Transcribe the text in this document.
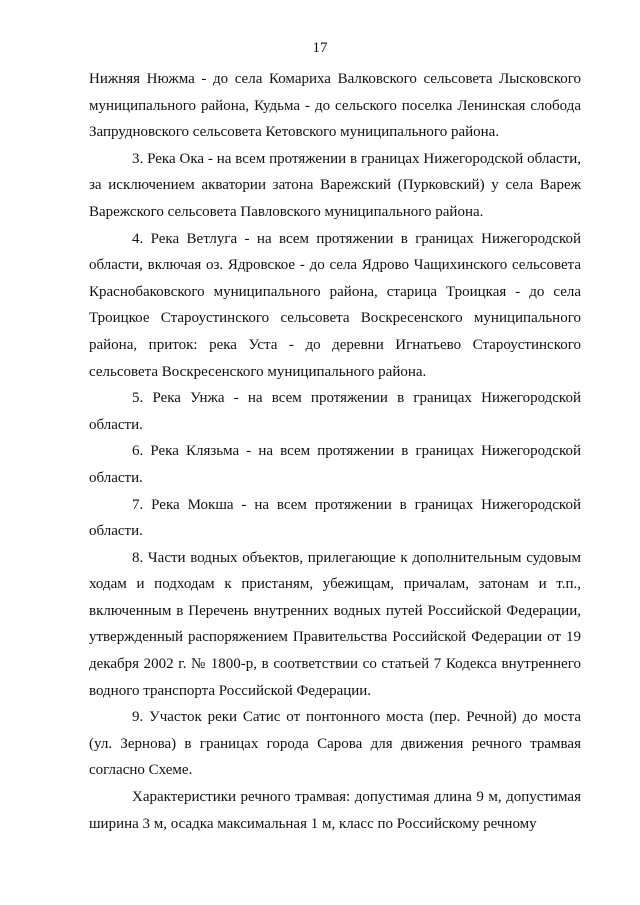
17

Нижняя Нюжма - до села Комариха Валковского сельсовета Лысковского муниципального района, Кудьма - до сельского поселка Ленинская слобода Запрудновского сельсовета Кетовского муниципального района.

3. Река Ока - на всем протяжении в границах Нижегородской области, за исключением акватории затона Варежский (Пурковский) у села Вареж Варежского сельсовета Павловского муниципального района.

4. Река Ветлуга - на всем протяжении в границах Нижегородской области, включая оз. Ядровское - до села Ядрово Чащихинского сельсовета Краснобаковского муниципального района, старица Троицкая - до села Троицкое Староустинского сельсовета Воскресенского муниципального района, приток: река Уста - до деревни Игнатьево Староустинского сельсовета Воскресенского муниципального района.

5. Река Унжа - на всем протяжении в границах Нижегородской области.

6. Река Клязьма - на всем протяжении в границах Нижегородской области.

7. Река Мокша - на всем протяжении в границах Нижегородской области.

8. Части водных объектов, прилегающие к дополнительным судовым ходам и подходам к пристаням, убежищам, причалам, затонам и т.п., включенным в Перечень внутренних водных путей Российской Федерации, утвержденный распоряжением Правительства Российской Федерации от 19 декабря 2002 г. № 1800-р, в соответствии со статьей 7 Кодекса внутреннего водного транспорта Российской Федерации.

9. Участок реки Сатис от понтонного моста (пер. Речной) до моста (ул. Зернова) в границах города Сарова для движения речного трамвая согласно Схеме.

Характеристики речного трамвая: допустимая длина 9 м, допустимая ширина 3 м, осадка максимальная 1 м, класс по Российскому речному
